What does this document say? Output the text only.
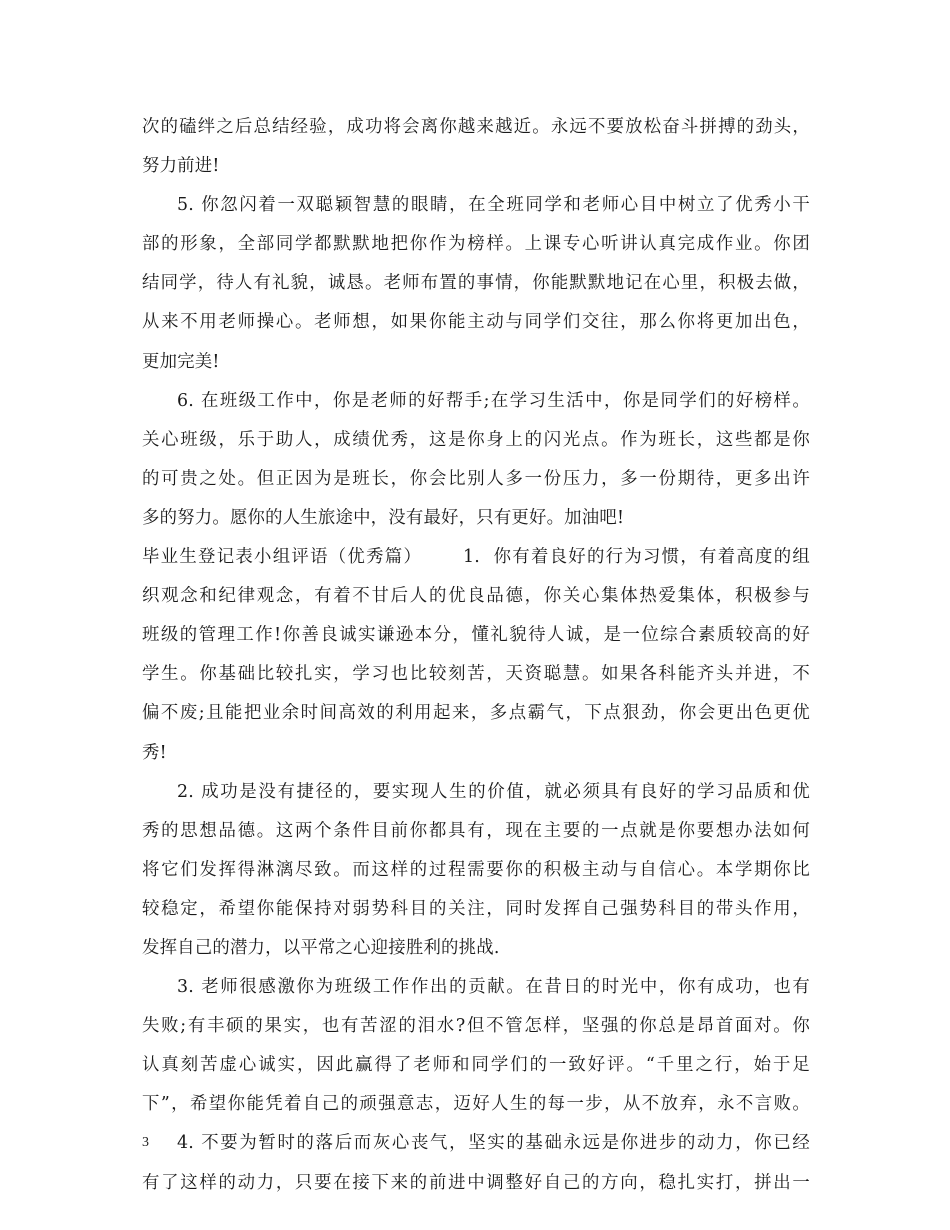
次的磕绊之后总结经验，成功将会离你越来越近。永远不要放松奋斗拼搏的劲头，
努力前进!
5. 你忽闪着一双聪颖智慧的眼睛，在全班同学和老师心目中树立了优秀小干
部的形象，全部同学都默默地把你作为榜样。上课专心听讲认真完成作业。你团
结同学，待人有礼貌，诚恳。老师布置的事情，你能默默地记在心里，积极去做，
从来不用老师操心。老师想，如果你能主动与同学们交往，那么你将更加出色，
更加完美!
6. 在班级工作中，你是老师的好帮手;在学习生活中，你是同学们的好榜样。
关心班级，乐于助人，成绩优秀，这是你身上的闪光点。作为班长，这些都是你
的可贵之处。但正因为是班长，你会比别人多一份压力，多一份期待，更多出许
多的努力。愿你的人生旅途中，没有最好，只有更好。加油吧!
毕业生登记表小组评语（优秀篇）      1.  你有着良好的行为习惯，有着高度的组
织观念和纪律观念，有着不甘后人的优良品德，你关心集体热爱集体，积极参与
班级的管理工作!你善良诚实谦逊本分，懂礼貌待人诚，是一位综合素质较高的好
学生。你基础比较扎实，学习也比较刻苦，天资聪慧。如果各科能齐头并进，不
偏不废;且能把业余时间高效的利用起来，多点霸气，下点狠劲，你会更出色更优
秀!
2. 成功是没有捷径的，要实现人生的价值，就必须具有良好的学习品质和优
秀的思想品德。这两个条件目前你都具有，现在主要的一点就是你要想办法如何
将它们发挥得淋漓尽致。而这样的过程需要你的积极主动与自信心。本学期你比
较稳定，希望你能保持对弱势科目的关注，同时发挥自己强势科目的带头作用，
发挥自己的潜力，以平常之心迎接胜利的挑战.
3. 老师很感激你为班级工作作出的贡献。在昔日的时光中，你有成功，也有
失败;有丰硕的果实，也有苦涩的泪水?但不管怎样，坚强的你总是昂首面对。你
认真刻苦虚心诚实，因此赢得了老师和同学们的一致好评。“千里之行，始于足
下”，希望你能凭着自己的顽强意志，迈好人生的每一步，从不放弃，永不言败。
4. 不要为暂时的落后而灰心丧气，坚实的基础永远是你进步的动力，你已经
有了这样的动力，只要在接下来的前进中调整好自己的方向，稳扎实打，拼出一
3
